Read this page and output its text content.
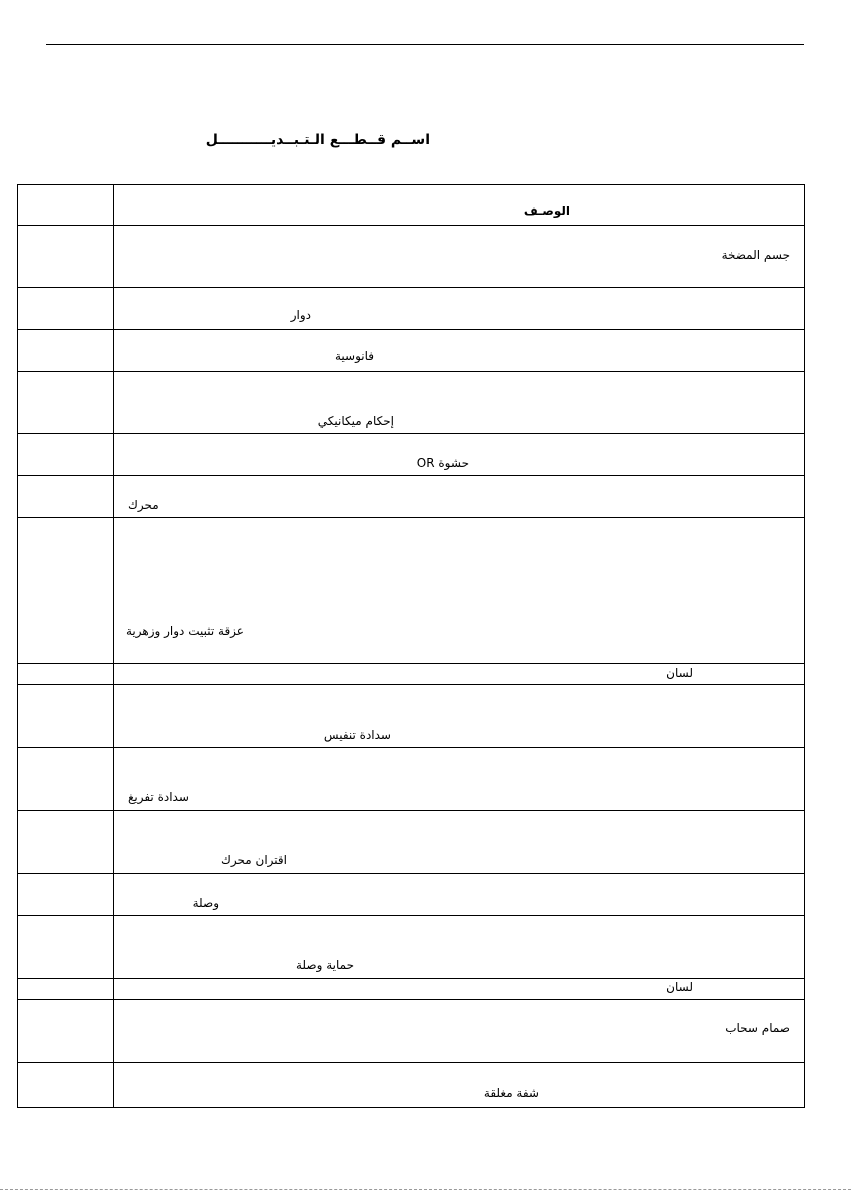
اســم قــطـــع الـتـبــديـــــــــــل

	الوصـف

	جسم المضخة

	دوار

	فانوسية

	إحكام ميكانيكي

	حشوة OR

	محرك

	عزقة تثبيت دوار وزهرية

	لسان

	سدادة تنفيس

	سدادة تفريغ

	اقتران محرك

	وصلة

	حماية وصلة

	لسان

	صمام سحاب

	شفة مغلقة
